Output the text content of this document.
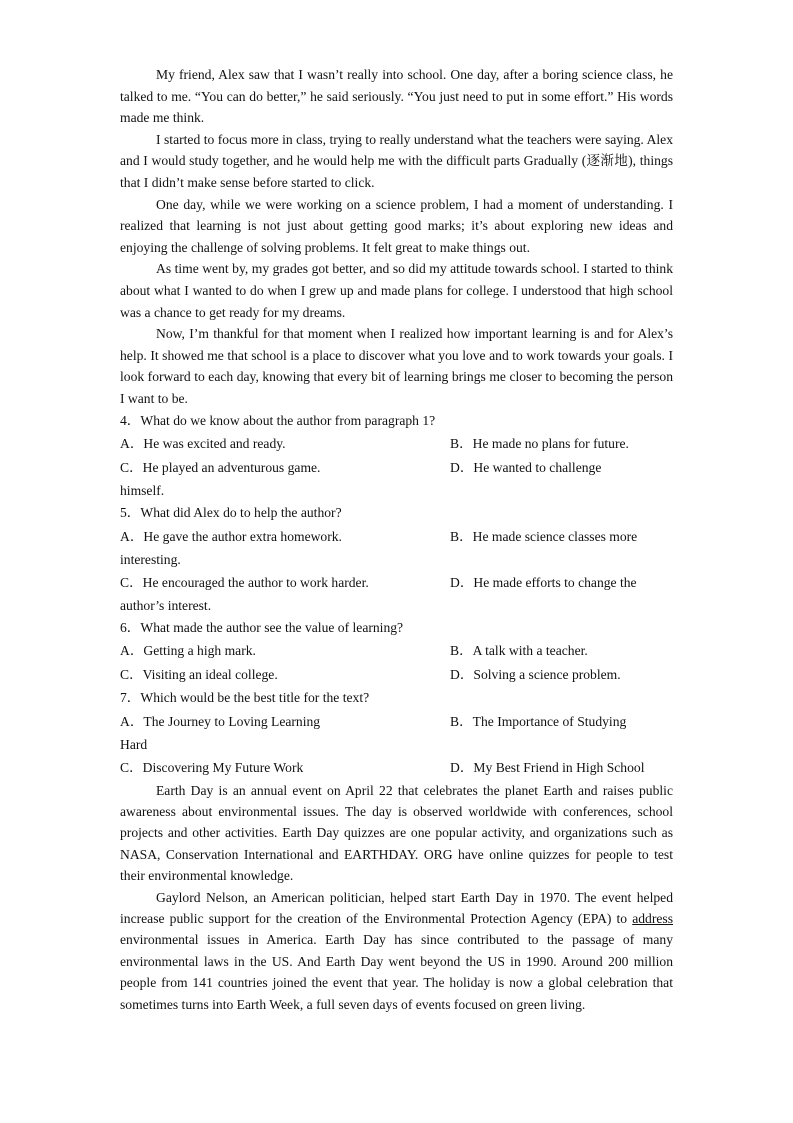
My friend, Alex saw that I wasn’t really into school. One day, after a boring science class, he talked to me. “You can do better,” he said seriously. “You just need to put in some effort.” His words made me think.

I started to focus more in class, trying to really understand what the teachers were saying. Alex and I would study together, and he would help me with the difficult parts Gradually (逐渐地), things that I didn’t make sense before started to click.

One day, while we were working on a science problem, I had a moment of understanding. I realized that learning is not just about getting good marks; it’s about exploring new ideas and enjoying the challenge of solving problems. It felt great to make things out.

As time went by, my grades got better, and so did my attitude towards school. I started to think about what I wanted to do when I grew up and made plans for college. I understood that high school was a chance to get ready for my dreams.

Now, I’m thankful for that moment when I realized how important learning is and for Alex’s help. It showed me that school is a place to discover what you love and to work towards your goals. I look forward to each day, knowing that every bit of learning brings me closer to becoming the person I want to be.

4．What do we know about the author from paragraph 1?

A．He was excited and ready.	B．He made no plans for future.
C．He played an adventurous game.	D．He wanted to challenge
himself.

5．What did Alex do to help the author?

A．He gave the author extra homework.	B．He made science classes more
interesting.
C．He encouraged the author to work harder.	D．He made efforts to change the
author’s interest.

6．What made the author see the value of learning?

A．Getting a high mark.	B．A talk with a teacher.
C．Visiting an ideal college.	D．Solving a science problem.

7．Which would be the best title for the text?

A．The Journey to Loving Learning	B．The Importance of Studying
Hard
C．Discovering My Future Work	D．My Best Friend in High School

Earth Day is an annual event on April 22 that celebrates the planet Earth and raises public awareness about environmental issues. The day is observed worldwide with conferences, school projects and other activities. Earth Day quizzes are one popular activity, and organizations such as NASA, Conservation International and EARTHDAY. ORG have online quizzes for people to test their environmental knowledge.

Gaylord Nelson, an American politician, helped start Earth Day in 1970. The event helped increase public support for the creation of the Environmental Protection Agency (EPA) to address environmental issues in America. Earth Day has since contributed to the passage of many environmental laws in the US. And Earth Day went beyond the US in 1990. Around 200 million people from 141 countries joined the event that year. The holiday is now a global celebration that sometimes turns into Earth Week, a full seven days of events focused on green living.
